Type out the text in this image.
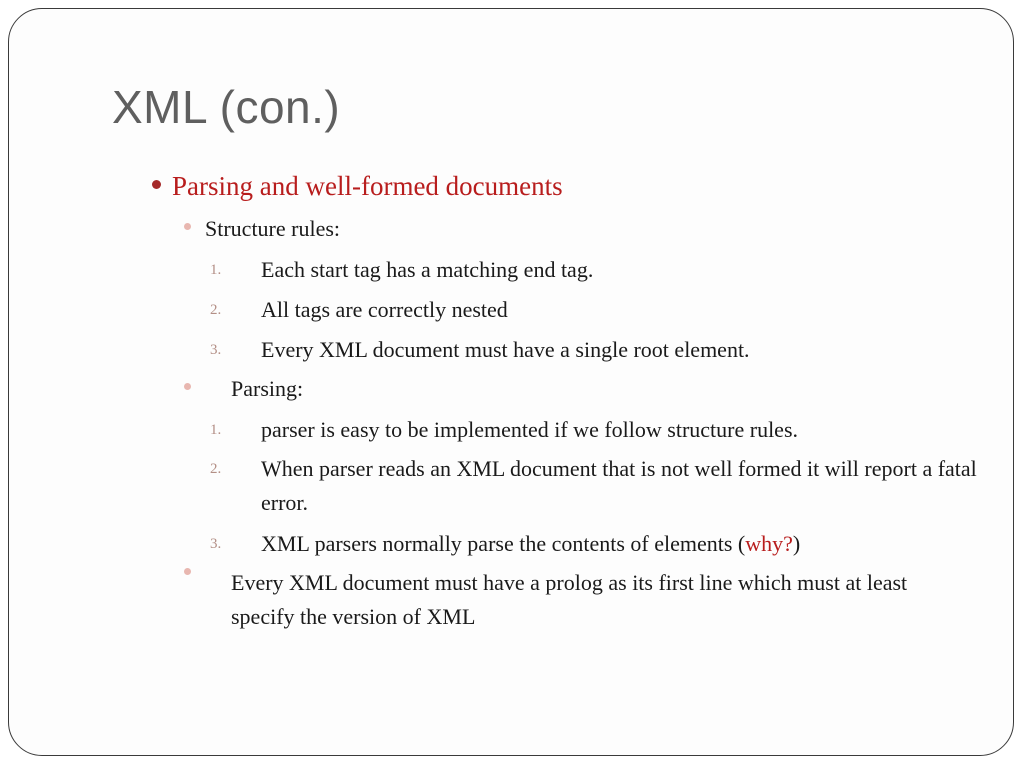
XML (con.)
Parsing and well-formed documents
Structure rules:
1. Each start tag has a matching end tag.
2. All tags are correctly nested
3. Every XML document must have a single root element.
Parsing:
1. parser is easy to be implemented if we follow structure rules.
2. When parser reads an XML document that is not well formed it will report a fatal error.
3. XML parsers normally parse the contents of elements (why?)
Every XML document must have a prolog as its first line which must at least specify the version of XML
